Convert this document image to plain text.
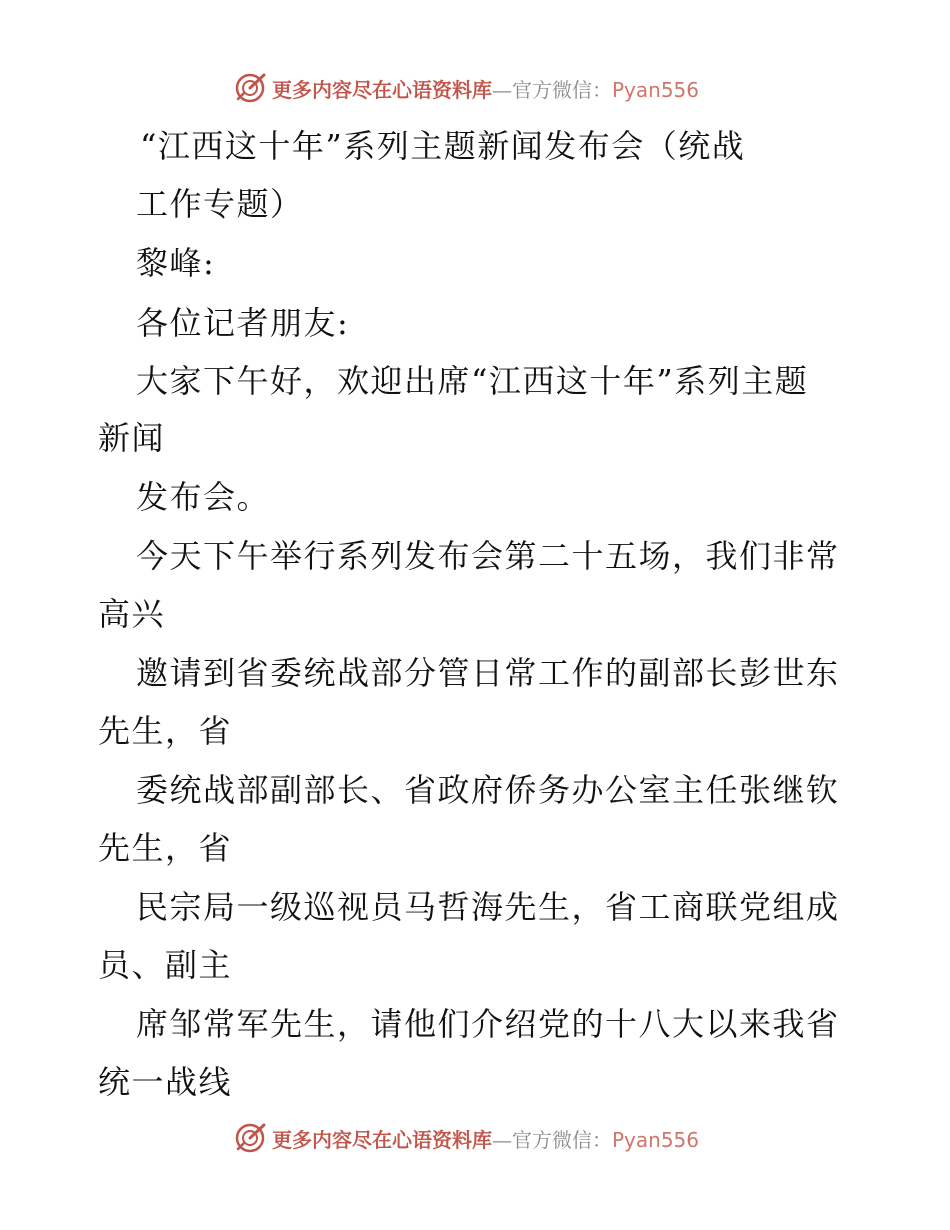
更多内容尽在心语资料库—官方微信：Pyan556
“江西这十年”系列主题新闻发布会（统战
工作专题）
黎峰:
各位记者朋友:
大家下午好，欢迎出席“江西这十年”系列主题
新闻
发布会。
今天下午举行系列发布会第二十五场，我们非常
高兴
邀请到省委统战部分管日常工作的副部长彭世东
先生，省
委统战部副部长、省政府侨务办公室主任张继钦
先生，省
民宗局一级巡视员马哲海先生，省工商联党组成
员、副主
席邹常军先生，请他们介绍党的十八大以来我省
统一战线
更多内容尽在心语资料库—官方微信：Pyan556
